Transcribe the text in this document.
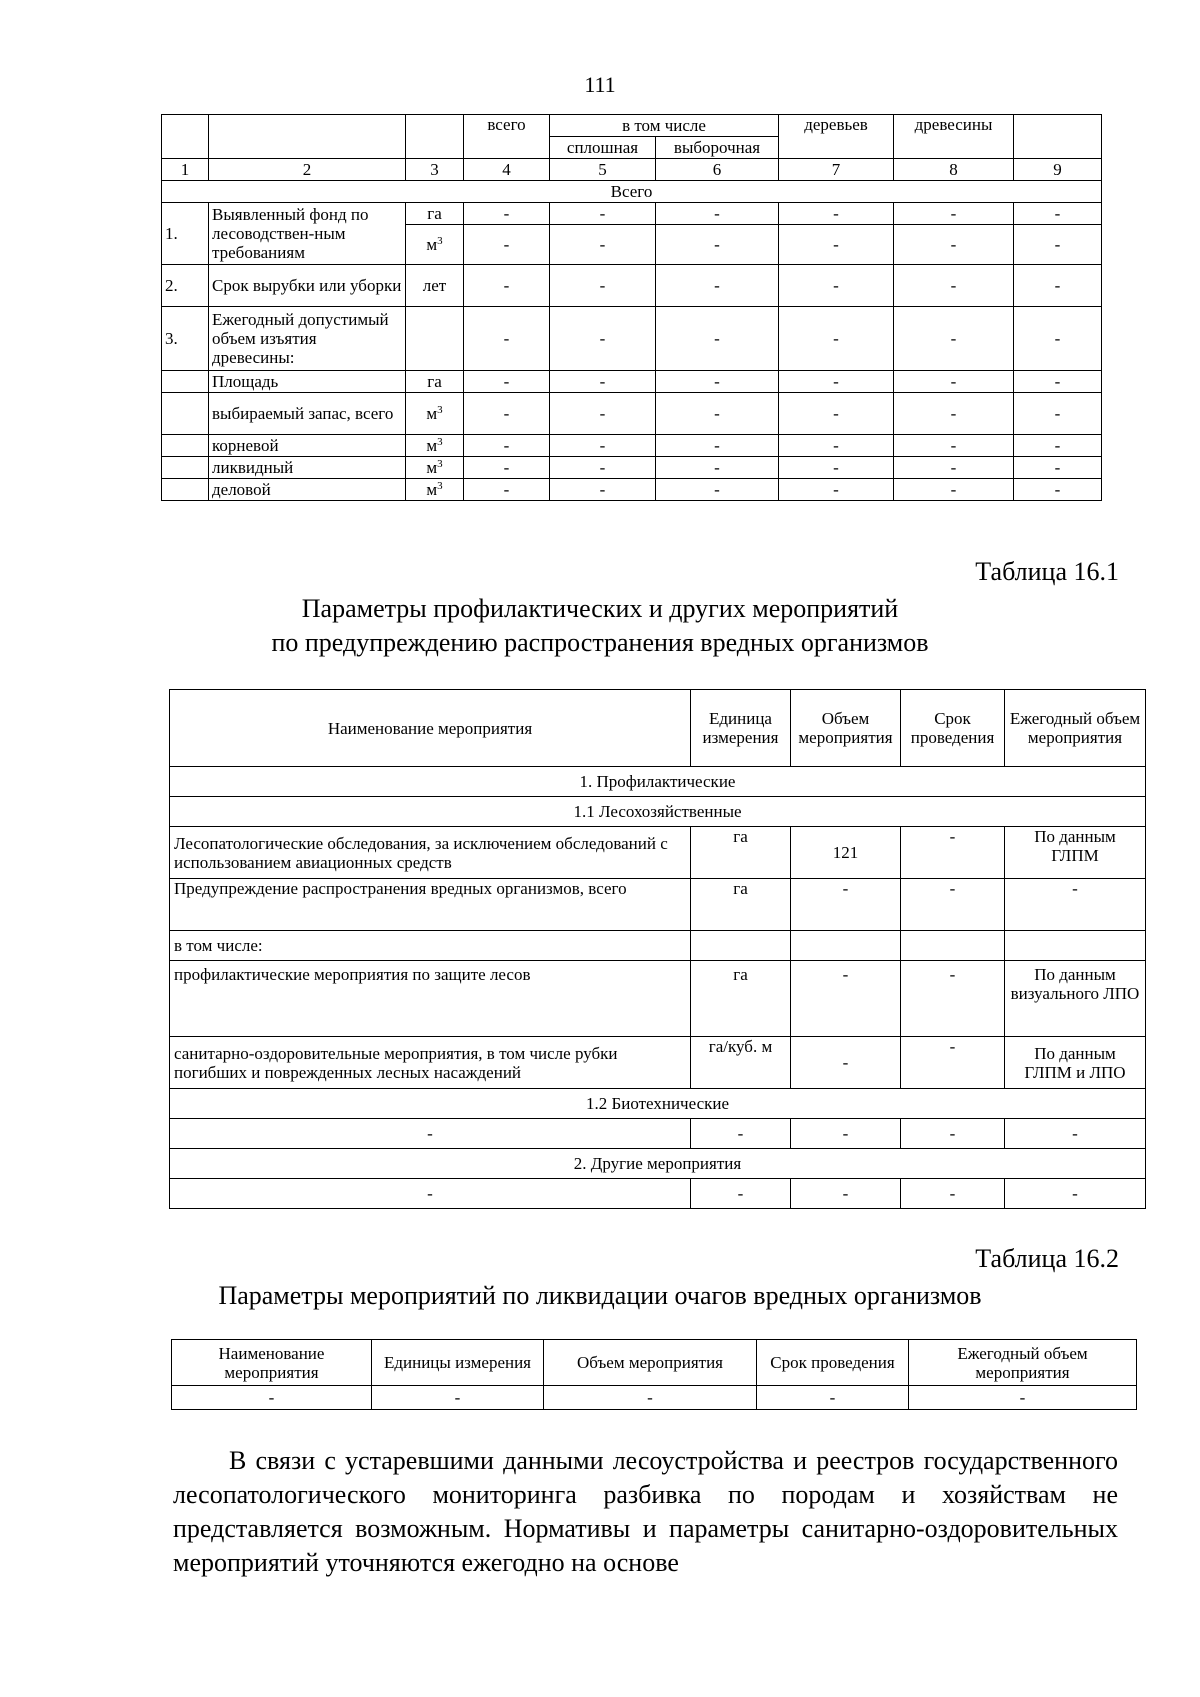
111
			всего	в том числе		деревьев	древесины	
				сплошная	выборочная			
1	2	3	4	5	6	7	8	9
Всего								
1.	Выявленный фонд по лесоводствен-ным требованиям	га	-	-	-	-	-	-
		$м^3$	-	-	-	-	-	-
2.	Срок вырубки или уборки	лет	-	-	-	-	-	-
3.	Ежегодный допустимый объем изъятия древесины:		-	-	-	-	-	-
	Площадь	га	-	-	-	-	-	-
	выбираемый запас, всего	$м^3$	-	-	-	-	-	-
	корневой	$м^3$	-	-	-	-	-	-
	ликвидный	$м^3$	-	-	-	-	-	-
	деловой	$м^3$	-	-	-	-	-	-
Таблица 16.1
Параметры профилактических и других мероприятий
по предупреждению распространения вредных организмов
Наименование мероприятия	Единица измерения	Объем мероприятия	Срок проведения	Ежегодный объем мероприятия
1. Профилактические				
1.1 Лесохозяйственные				
Лесопатологические обследования, за исключением обследований с использованием авиационных средств	га	121	-	По данным ГЛПМ
Предупреждение распространения вредных организмов, всего	га	-	-	-
в том числе:				
профилактические мероприятия по защите лесов	га	-	-	По данным визуального ЛПО
санитарно-оздоровительные мероприятия, в том числе рубки погибших и поврежденных лесных насаждений	га/куб. м	-	-	По данным ГЛПМ и ЛПО
1.2 Биотехнические				
-	-	-	-	-
2. Другие мероприятия				
-	-	-	-	-
Таблица 16.2
Параметры мероприятий по ликвидации очагов вредных организмов
Наименование мероприятия	Единицы измерения	Объем мероприятия	Срок проведения	Ежегодный объем мероприятия
-	-	-	-	-
В связи с устаревшими данными лесоустройства и реестров государственного лесопатологического мониторинга разбивка по породам и хозяйствам не представляется возможным. Нормативы и параметры санитарно-оздоровительных мероприятий уточняются ежегодно на основе
